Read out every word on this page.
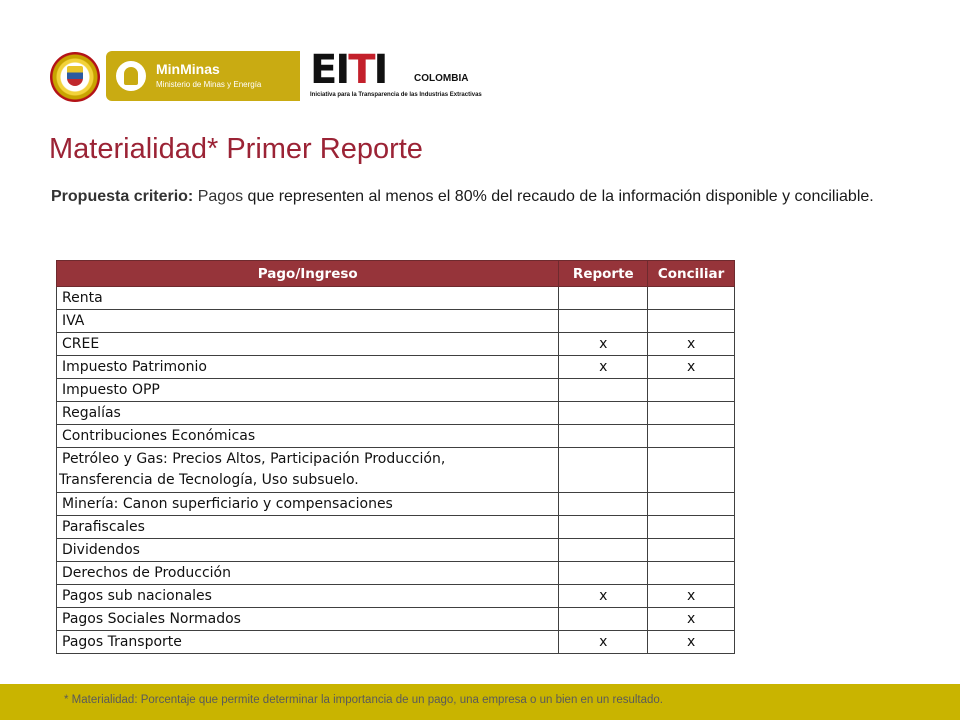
MinMinas
Ministerio de Minas y Energía EITI	COLOMBIA
Iniciativa para la Transparencia de las Industrias Extractivas
Materialidad* Primer Reporte

Propuesta criterio: Pagos que representen al menos el 80% del recaudo de la información disponible y conciliable.

Pago/Ingreso	Reporte	Conciliar
Renta		
IVA		
CREE	x	x
Impuesto Patrimonio	x	x
Impuesto OPP		
Regalías		
Contribuciones Económicas		

Petróleo y Gas: Precios Altos, Participación Producción,
Transferencia de Tecnología, Uso subsuelo.		

Minería: Canon superficiario y compensaciones		
Parafiscales		
Dividendos		
Derechos de Producción		
Pagos sub nacionales	x	x
Pagos Sociales Normados		x
Pagos Transporte	x	x
* Materialidad: Porcentaje que permite determinar la importancia de un pago, una empresa o un bien en un resultado.
